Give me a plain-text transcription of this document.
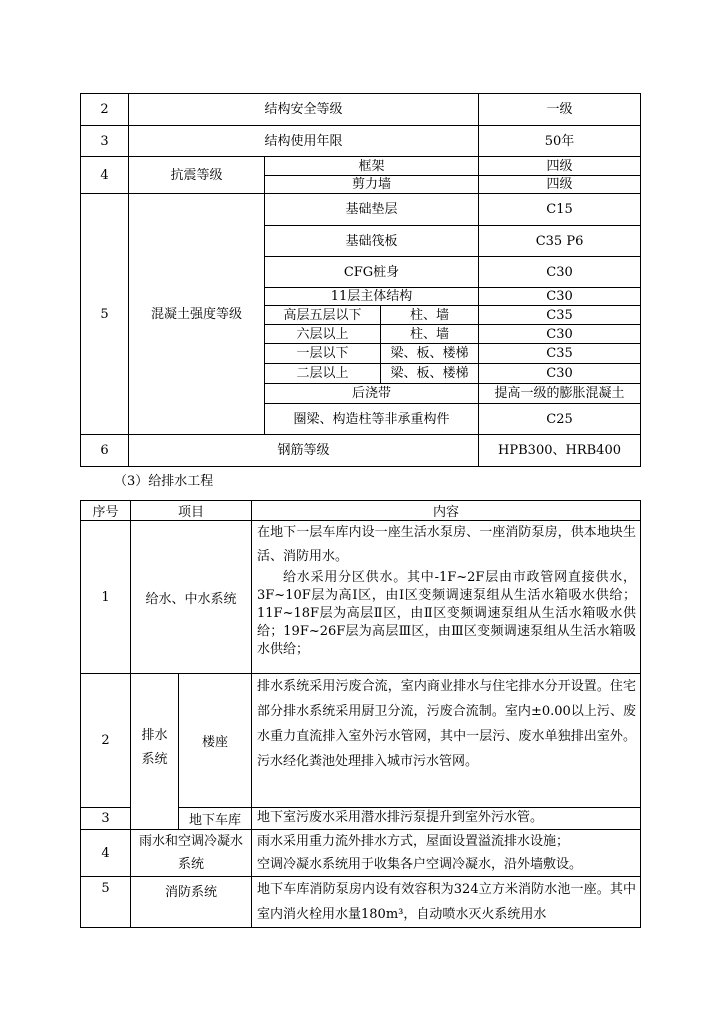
2	结构安全等级			一级
3	结构使用年限			50年
4	抗震等级	框架		四级
		剪力墙		四级
5	混凝土强度等级	基础垫层		C15
		基础筏板		C35 P6
		CFG桩身		C30
		11层主体结构		C30
		高层五层以下	柱、墙	C35
		六层以上	柱、墙	C30
		一层以下	梁、板、楼梯	C35
		二层以上	梁、板、楼梯	C30
		后浇带		提高一级的膨胀混凝土
		圈梁、构造柱等非承重构件		C25
6	钢筋等级			HPB300、HRB400
（3）给排水工程
序号	项目		内容
1	给水、中水系统		在地下一层车库内设一座生活水泵房、一座消防泵房，供本地块生活、消防用水。

给水采用分区供水。其中-1F~2F层由市政管网直接供水，3F~10F层为高Ⅰ区，由Ⅰ区变频调速泵组从生活水箱吸水供给；11F~18F层为高层Ⅱ区，由Ⅱ区变频调速泵组从生活水箱吸水供给；19F~26F层为高层Ⅲ区，由Ⅲ区变频调速泵组从生活水箱吸水供给；

2	排水系统	楼座	排水系统采用污废合流，室内商业排水与住宅排水分开设置。住宅部分排水系统采用厨卫分流，污废合流制。室内±0.00以上污、废水重力直流排入室外污水管网，其中一层污、废水单独排出室外。污水经化粪池处理排入城市污水管网。
3		地下车库	地下室污废水采用潜水排污泵提升到室外污水管。
4	雨水和空调冷凝水系统		雨水采用重力流外排水方式，屋面设置溢流排水设施；

空调冷凝水系统用于收集各户空调冷凝水，沿外墙敷设。

5	消防系统		地下车库消防泵房内设有效容积为324立方米消防水池一座。其中室内消火栓用水量180m³，自动喷水灭火系统用水
